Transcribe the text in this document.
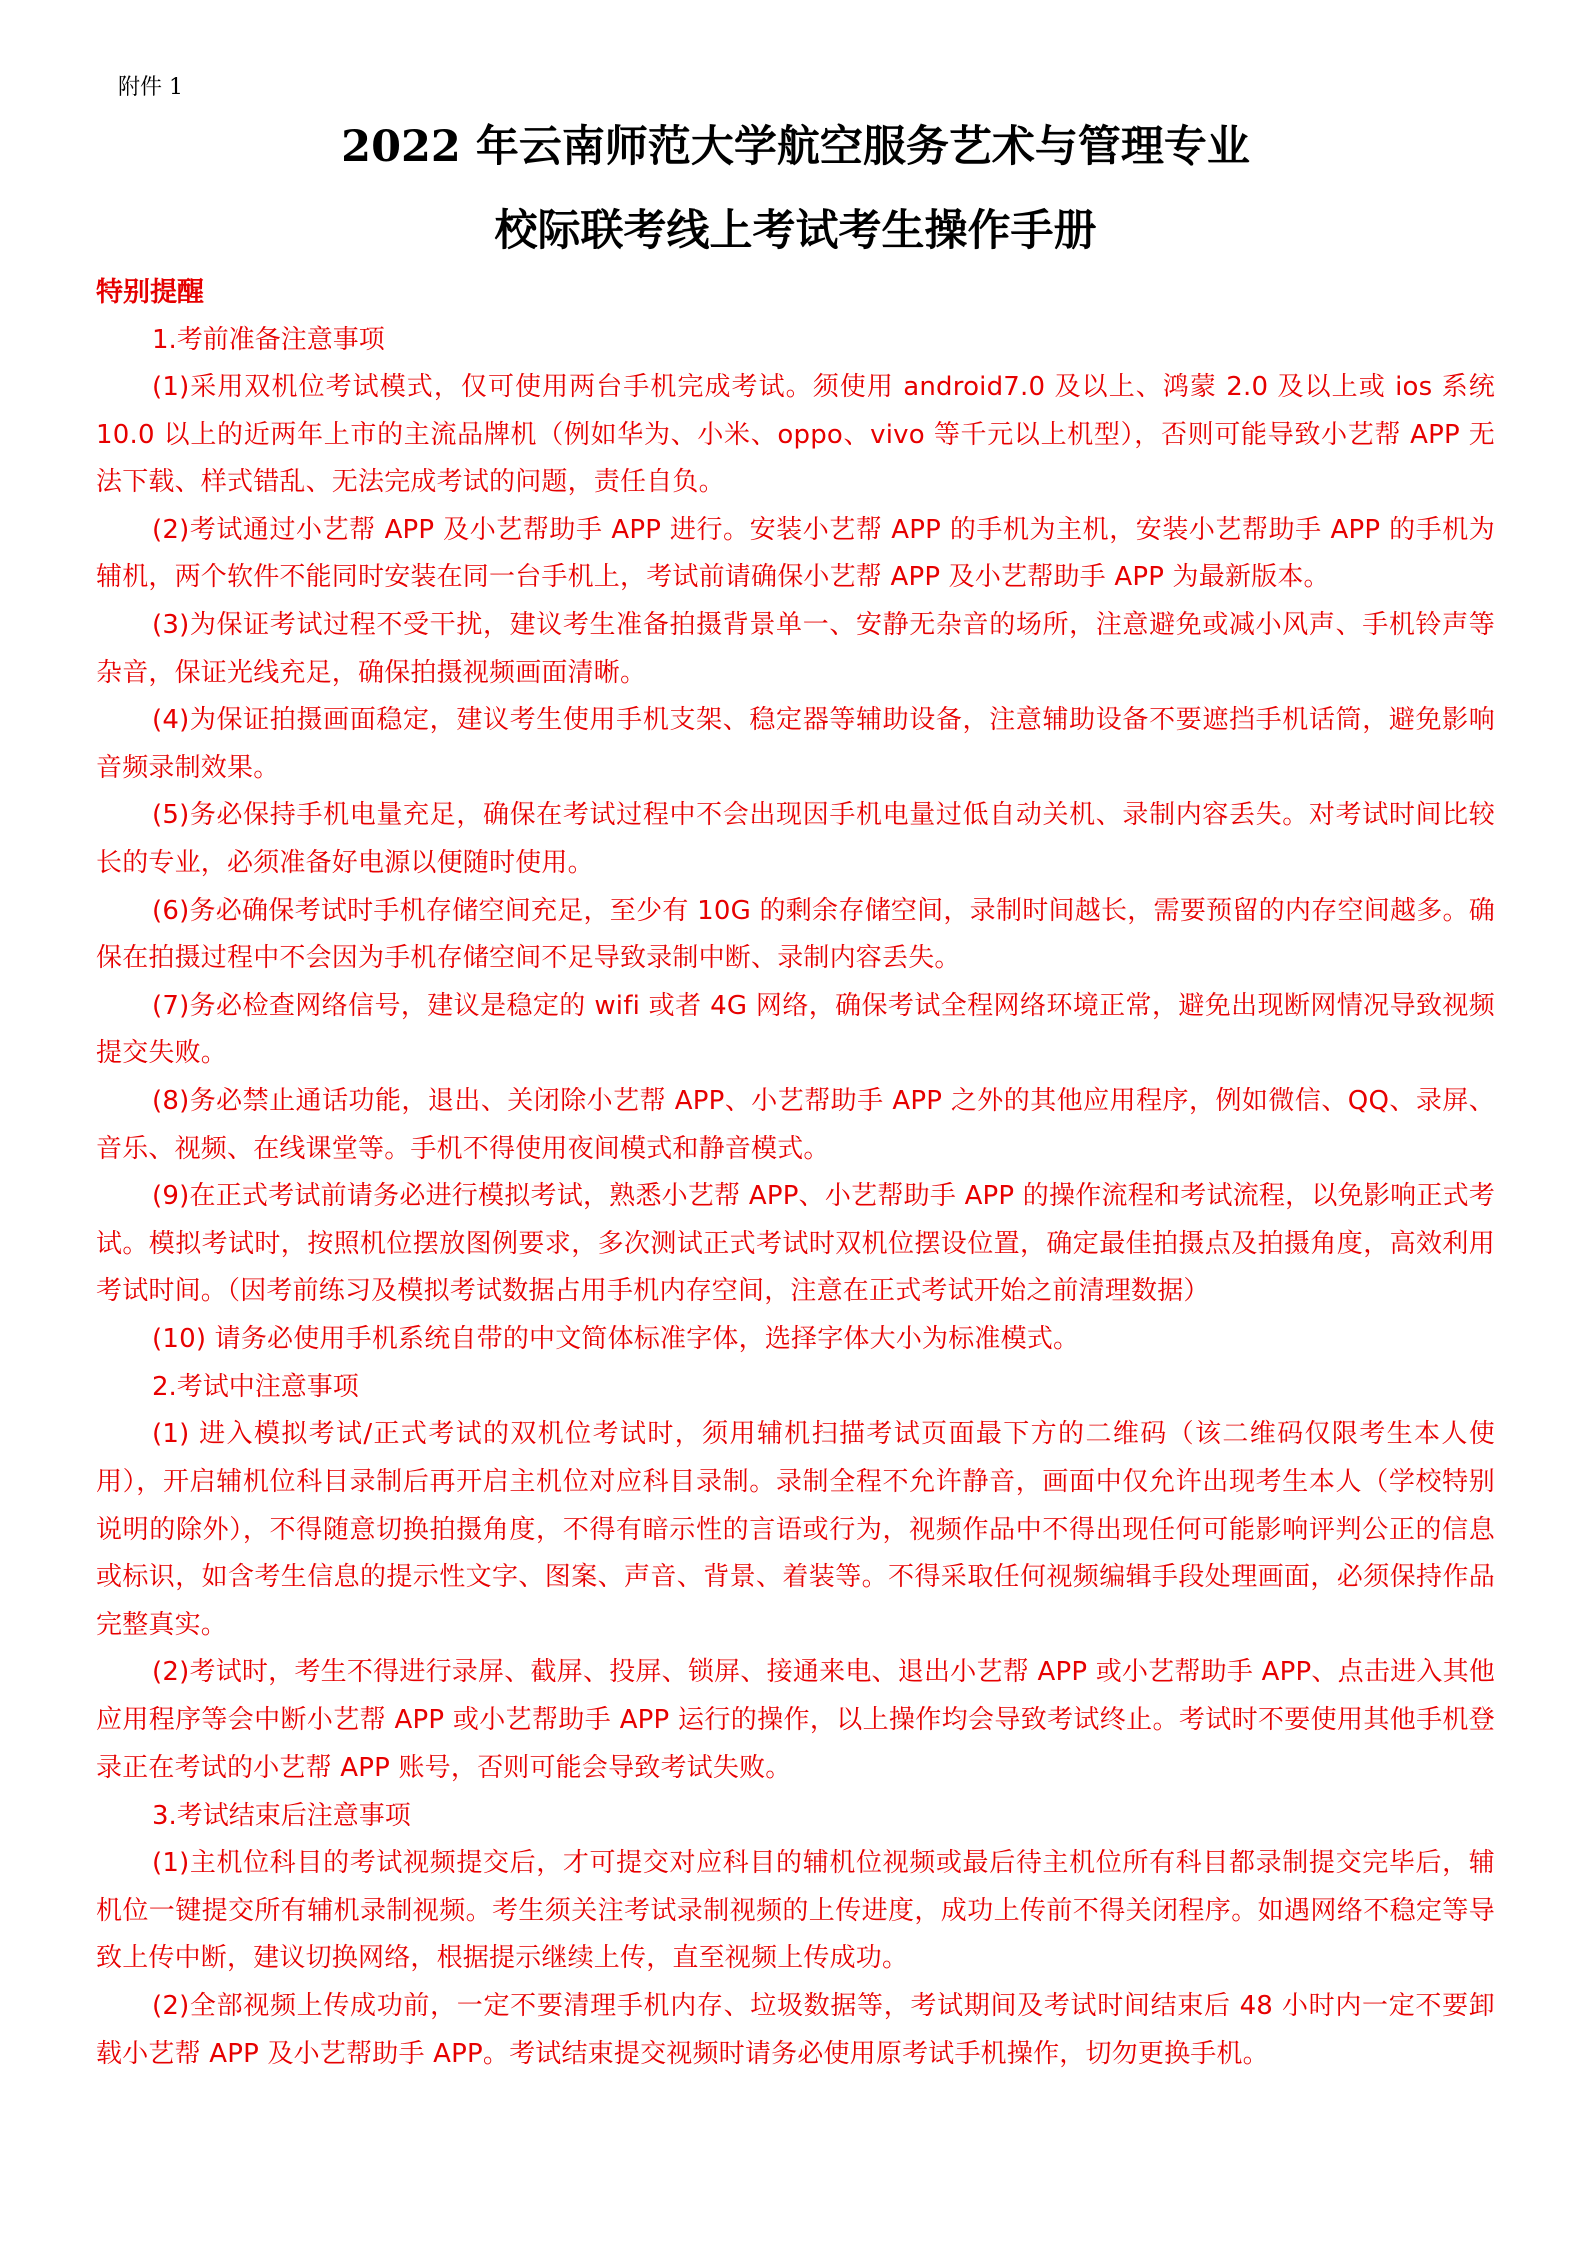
附件 1
2022 年云南师范大学航空服务艺术与管理专业
校际联考线上考试考生操作手册
特别提醒
1.考前准备注意事项

(1)采用双机位考试模式，仅可使用两台手机完成考试。须使用 android7.0 及以上、鸿蒙 2.0 及以上或 ios 系统 10.0 以上的近两年上市的主流品牌机（例如华为、小米、oppo、vivo 等千元以上机型），否则可能导致小艺帮 APP 无法下载、样式错乱、无法完成考试的问题，责任自负。

(2)考试通过小艺帮 APP 及小艺帮助手 APP 进行。安装小艺帮 APP 的手机为主机，安装小艺帮助手 APP 的手机为辅机，两个软件不能同时安装在同一台手机上，考试前请确保小艺帮 APP 及小艺帮助手 APP 为最新版本。

(3)为保证考试过程不受干扰，建议考生准备拍摄背景单一、安静无杂音的场所，注意避免或减小风声、手机铃声等杂音，保证光线充足，确保拍摄视频画面清晰。

(4)为保证拍摄画面稳定，建议考生使用手机支架、稳定器等辅助设备，注意辅助设备不要遮挡手机话筒，避免影响音频录制效果。

(5)务必保持手机电量充足，确保在考试过程中不会出现因手机电量过低自动关机、录制内容丢失。对考试时间比较长的专业，必须准备好电源以便随时使用。

(6)务必确保考试时手机存储空间充足，至少有 10G 的剩余存储空间，录制时间越长，需要预留的内存空间越多。确保在拍摄过程中不会因为手机存储空间不足导致录制中断、录制内容丢失。

(7)务必检查网络信号，建议是稳定的 wifi 或者 4G 网络，确保考试全程网络环境正常，避免出现断网情况导致视频提交失败。

(8)务必禁止通话功能，退出、关闭除小艺帮 APP、小艺帮助手 APP 之外的其他应用程序，例如微信、QQ、录屏、音乐、视频、在线课堂等。手机不得使用夜间模式和静音模式。

(9)在正式考试前请务必进行模拟考试，熟悉小艺帮 APP、小艺帮助手 APP 的操作流程和考试流程，以免影响正式考试。模拟考试时，按照机位摆放图例要求，多次测试正式考试时双机位摆设位置，确定最佳拍摄点及拍摄角度，高效利用考试时间。（因考前练习及模拟考试数据占用手机内存空间，注意在正式考试开始之前清理数据）

(10) 请务必使用手机系统自带的中文简体标准字体，选择字体大小为标准模式。

2.考试中注意事项

(1) 进入模拟考试/正式考试的双机位考试时，须用辅机扫描考试页面最下方的二维码（该二维码仅限考生本人使用），开启辅机位科目录制后再开启主机位对应科目录制。录制全程不允许静音，画面中仅允许出现考生本人（学校特别说明的除外），不得随意切换拍摄角度，不得有暗示性的言语或行为，视频作品中不得出现任何可能影响评判公正的信息或标识，如含考生信息的提示性文字、图案、声音、背景、着装等。不得采取任何视频编辑手段处理画面，必须保持作品完整真实。

(2)考试时，考生不得进行录屏、截屏、投屏、锁屏、接通来电、退出小艺帮 APP 或小艺帮助手 APP、点击进入其他应用程序等会中断小艺帮 APP 或小艺帮助手 APP 运行的操作，以上操作均会导致考试终止。考试时不要使用其他手机登录正在考试的小艺帮 APP 账号，否则可能会导致考试失败。

3.考试结束后注意事项

(1)主机位科目的考试视频提交后，才可提交对应科目的辅机位视频或最后待主机位所有科目都录制提交完毕后，辅机位一键提交所有辅机录制视频。考生须关注考试录制视频的上传进度，成功上传前不得关闭程序。如遇网络不稳定等导致上传中断，建议切换网络，根据提示继续上传，直至视频上传成功。

(2)全部视频上传成功前，一定不要清理手机内存、垃圾数据等，考试期间及考试时间结束后 48 小时内一定不要卸载小艺帮 APP 及小艺帮助手 APP。考试结束提交视频时请务必使用原考试手机操作，切勿更换手机。
